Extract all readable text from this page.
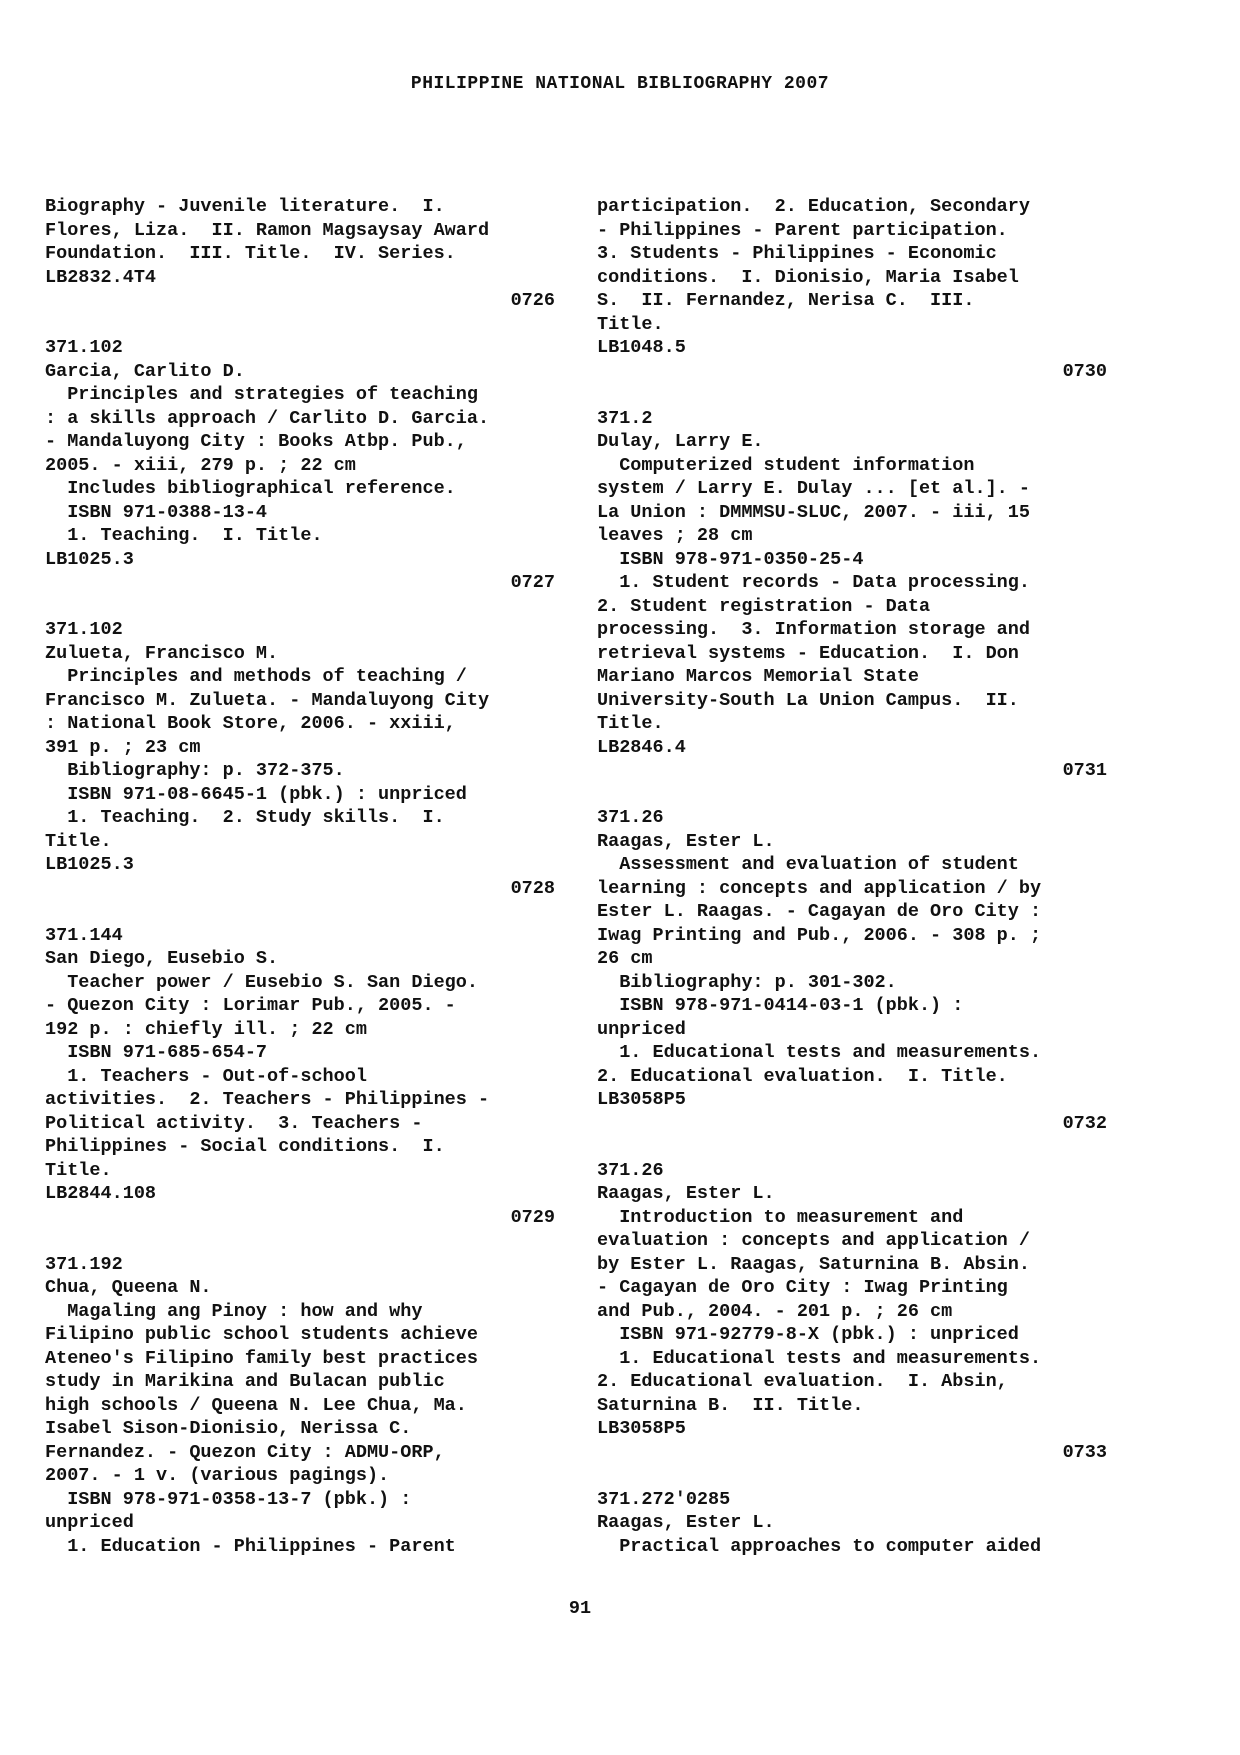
PHILIPPINE NATIONAL BIBLIOGRAPHY 2007
Biography - Juvenile literature.  I.
Flores, Liza.  II. Ramon Magsaysay Award
Foundation.  III. Title.  IV. Series.
LB2832.4T4
0726
371.102
Garcia, Carlito D.
Principles and strategies of teaching
: a skills approach / Carlito D. Garcia.
- Mandaluyong City : Books Atbp. Pub.,
2005. - xiii, 279 p. ; 22 cm
Includes bibliographical reference.
ISBN 971-0388-13-4
1. Teaching.  I. Title.
LB1025.3
0727
371.102
Zulueta, Francisco M.
Principles and methods of teaching /
Francisco M. Zulueta. - Mandaluyong City
: National Book Store, 2006. - xxiii,
391 p. ; 23 cm
Bibliography: p. 372-375.
ISBN 971-08-6645-1 (pbk.) : unpriced
1. Teaching.  2. Study skills.  I.
Title.
LB1025.3
0728
371.144
San Diego, Eusebio S.
Teacher power / Eusebio S. San Diego.
- Quezon City : Lorimar Pub., 2005. -
192 p. : chiefly ill. ; 22 cm
ISBN 971-685-654-7
1. Teachers - Out-of-school
activities.  2. Teachers - Philippines -
Political activity.  3. Teachers -
Philippines - Social conditions.  I.
Title.
LB2844.108
0729
371.192
Chua, Queena N.
Magaling ang Pinoy : how and why
Filipino public school students achieve
Ateneo's Filipino family best practices
study in Marikina and Bulacan public
high schools / Queena N. Lee Chua, Ma.
Isabel Sison-Dionisio, Nerissa C.
Fernandez. - Quezon City : ADMU-ORP,
2007. - 1 v. (various pagings).
ISBN 978-971-0358-13-7 (pbk.) :
unpriced
1. Education - Philippines - Parent
participation.  2. Education, Secondary
- Philippines - Parent participation.
3. Students - Philippines - Economic
conditions.  I. Dionisio, Maria Isabel
S.  II. Fernandez, Nerisa C.  III.
Title.
LB1048.5
0730
371.2
Dulay, Larry E.
Computerized student information
system / Larry E. Dulay ... [et al.]. -
La Union : DMMMSU-SLUC, 2007. - iii, 15
leaves ; 28 cm
ISBN 978-971-0350-25-4
1. Student records - Data processing.
2. Student registration - Data
processing.  3. Information storage and
retrieval systems - Education.  I. Don
Mariano Marcos Memorial State
University-South La Union Campus.  II.
Title.
LB2846.4
0731
371.26
Raagas, Ester L.
Assessment and evaluation of student
learning : concepts and application / by
Ester L. Raagas. - Cagayan de Oro City :
Iwag Printing and Pub., 2006. - 308 p. ;
26 cm
Bibliography: p. 301-302.
ISBN 978-971-0414-03-1 (pbk.) :
unpriced
1. Educational tests and measurements.
2. Educational evaluation.  I. Title.
LB3058P5
0732
371.26
Raagas, Ester L.
Introduction to measurement and
evaluation : concepts and application /
by Ester L. Raagas, Saturnina B. Absin.
- Cagayan de Oro City : Iwag Printing
and Pub., 2004. - 201 p. ; 26 cm
ISBN 971-92779-8-X (pbk.) : unpriced
1. Educational tests and measurements.
2. Educational evaluation.  I. Absin,
Saturnina B.  II. Title.
LB3058P5
0733
371.272'0285
Raagas, Ester L.
Practical approaches to computer aided
91
